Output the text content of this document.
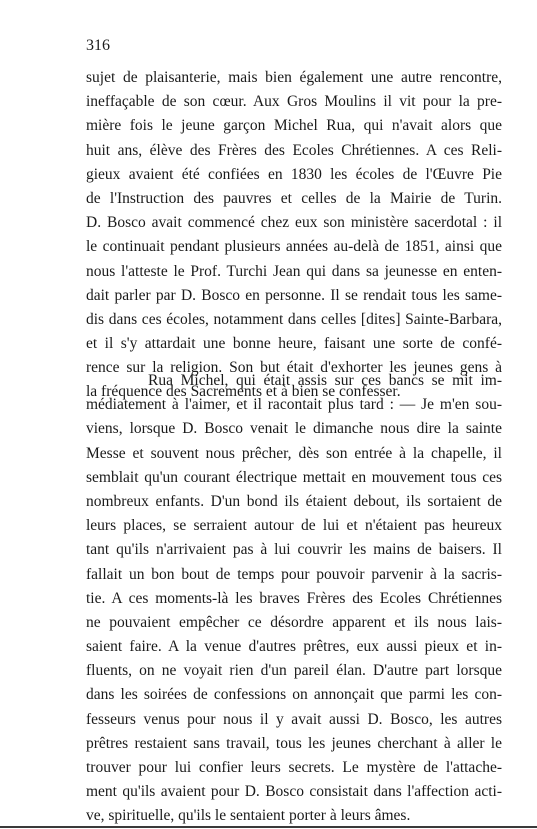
316

sujet de plaisanterie, mais bien également une autre rencontre,
ineffaçable de son cœur. Aux Gros Moulins il vit pour la pre-
mière fois le jeune garçon Michel Rua, qui n'avait alors que
huit ans, élève des Frères des Ecoles Chrétiennes. A ces Reli-
gieux avaient été confiées en 1830 les écoles de l'Œuvre Pie
de l'Instruction des pauvres et celles de la Mairie de Turin.
D. Bosco avait commencé chez eux son ministère sacerdotal : il
le continuait pendant plusieurs années au-delà de 1851, ainsi que
nous l'atteste le Prof. Turchi Jean qui dans sa jeunesse en enten-
dait parler par D. Bosco en personne. Il se rendait tous les same-
dis dans ces écoles, notamment dans celles [dites] Sainte-Barbara,
et il s'y attardait une bonne heure, faisant une sorte de confé-
rence sur la religion. Son but était d'exhorter les jeunes gens à
la fréquence des Sacrements et à bien se confesser.

Rua Michel, qui était assis sur ces bancs se mit im-
médiatement à l'aimer, et il racontait plus tard : — Je m'en sou-
viens, lorsque D. Bosco venait le dimanche nous dire la sainte
Messe et souvent nous prêcher, dès son entrée à la chapelle, il
semblait qu'un courant électrique mettait en mouvement tous ces
nombreux enfants. D'un bond ils étaient debout, ils sortaient de
leurs places, se serraient autour de lui et n'étaient pas heureux
tant qu'ils n'arrivaient pas à lui couvrir les mains de baisers. Il
fallait un bon bout de temps pour pouvoir parvenir à la sacris-
tie. A ces moments-là les braves Frères des Ecoles Chrétiennes
ne pouvaient empêcher ce désordre apparent et ils nous lais-
saient faire. A la venue d'autres prêtres, eux aussi pieux et in-
fluents, on ne voyait rien d'un pareil élan. D'autre part lorsque
dans les soirées de confessions on annonçait que parmi les con-
fesseurs venus pour nous il y avait aussi D. Bosco, les autres
prêtres restaient sans travail, tous les jeunes cherchant à aller le
trouver pour lui confier leurs secrets. Le mystère de l'attache-
ment qu'ils avaient pour D. Bosco consistait dans l'affection acti-
ve, spirituelle, qu'ils le sentaient porter à leurs âmes.
